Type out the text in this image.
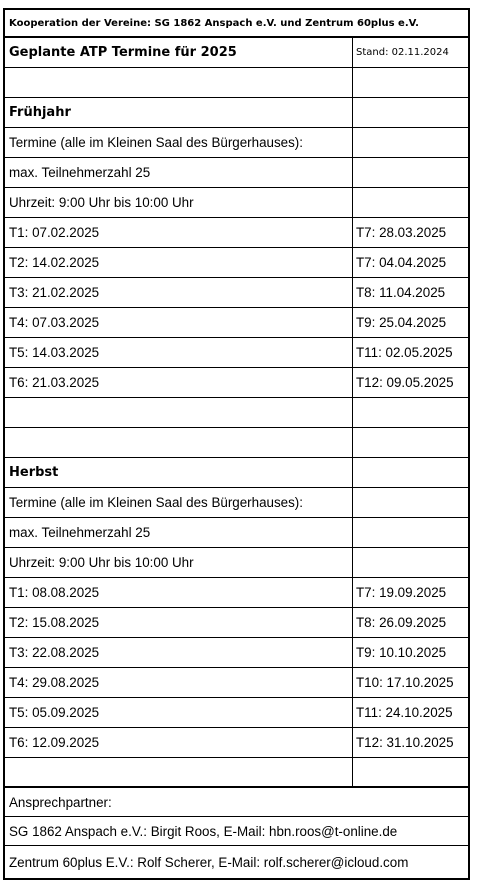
Kooperation der Vereine: SG 1862 Anspach e.V. und Zentrum 60plus e.V.
Geplante ATP Termine für 2025	Stand: 02.11.2024
Frühjahr
Termine (alle im Kleinen Saal des Bürgerhauses):
max. Teilnehmerzahl 25
Uhrzeit: 9:00 Uhr bis 10:00 Uhr
T1: 07.02.2025	T7: 28.03.2025
T2: 14.02.2025	T7: 04.04.2025
T3: 21.02.2025	T8: 11.04.2025
T4: 07.03.2025	T9: 25.04.2025
T5: 14.03.2025	T11: 02.05.2025
T6: 21.03.2025	T12: 09.05.2025
Herbst
Termine (alle im Kleinen Saal des Bürgerhauses):
max. Teilnehmerzahl 25
Uhrzeit: 9:00 Uhr bis 10:00 Uhr
T1: 08.08.2025	T7: 19.09.2025
T2: 15.08.2025	T8: 26.09.2025
T3: 22.08.2025	T9: 10.10.2025
T4: 29.08.2025	T10: 17.10.2025
T5: 05.09.2025	T11: 24.10.2025
T6: 12.09.2025	T12: 31.10.2025
Ansprechpartner:
SG 1862 Anspach e.V.: Birgit Roos, E-Mail: hbn.roos@t-online.de
Zentrum 60plus E.V.: Rolf Scherer, E-Mail: rolf.scherer@icloud.com
